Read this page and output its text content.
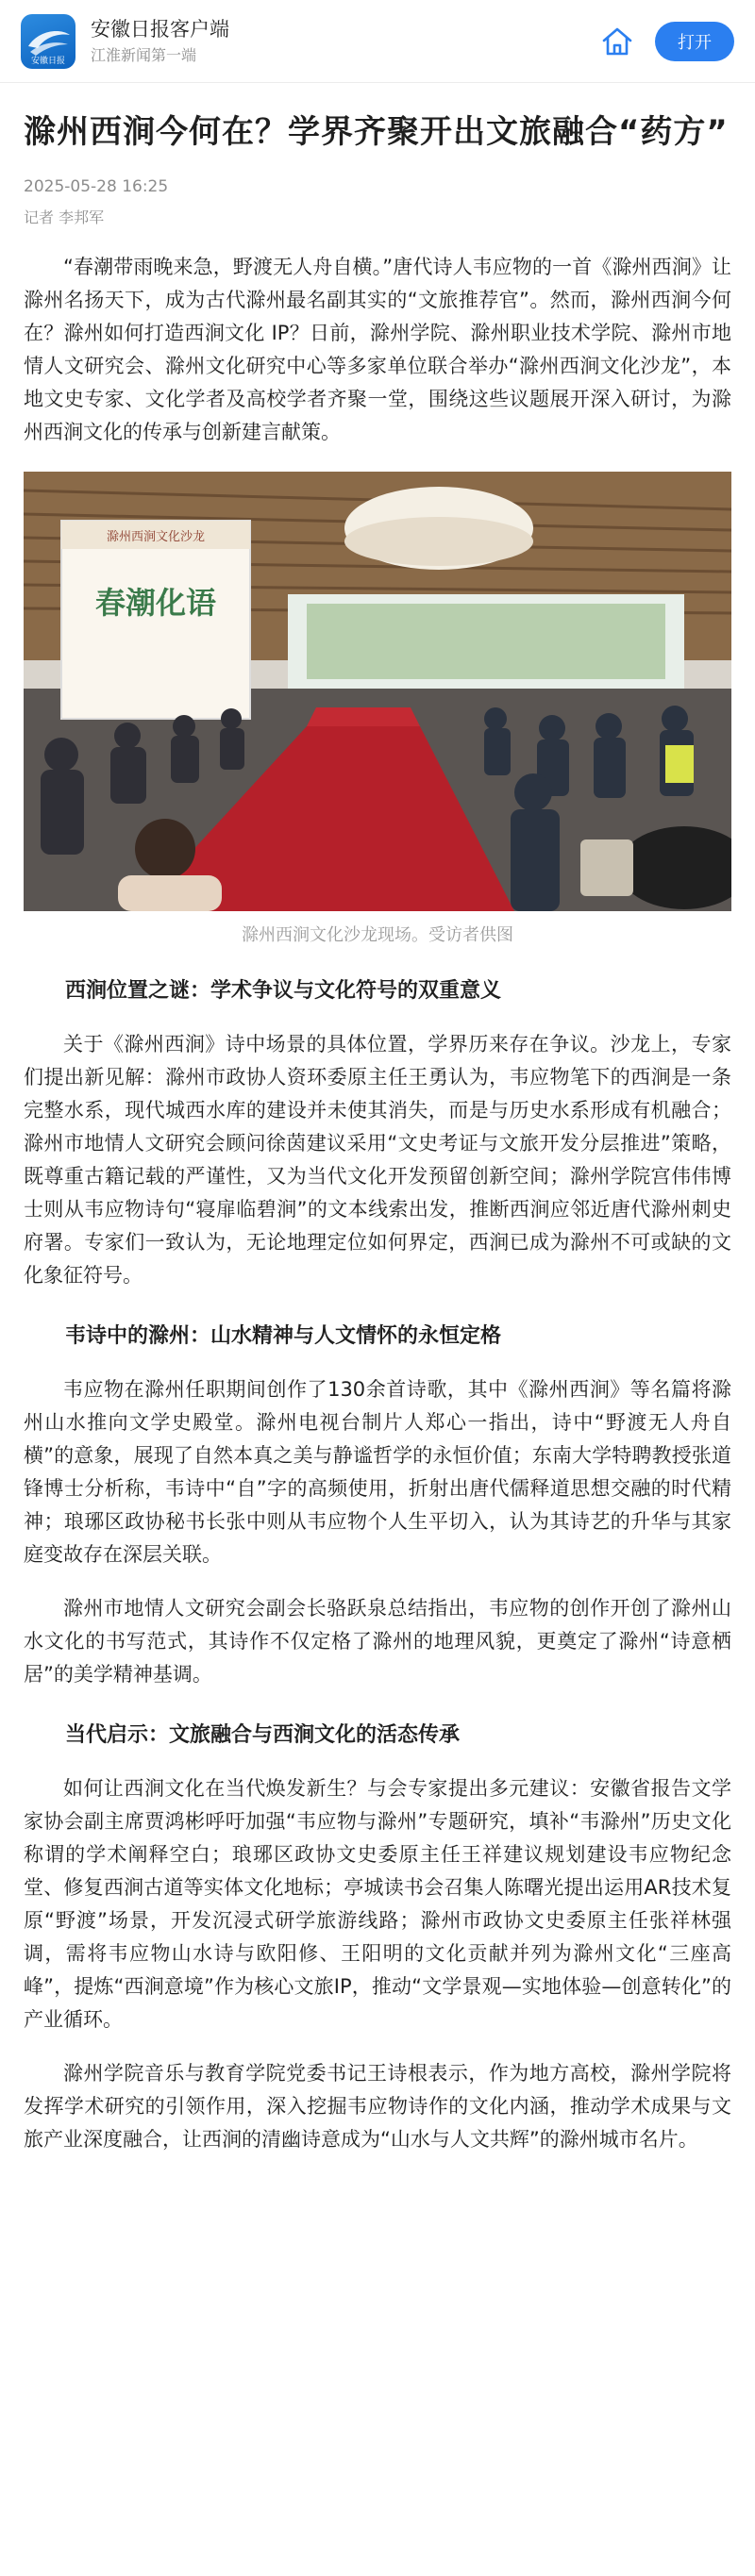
安徽日报
安徽日报客户端
江淮新闻第一端
打开
滁州西涧今何在？学界齐聚开出文旅融合“药方”
2025-05-28 16:25
记者 李邦军

“春潮带雨晚来急，野渡无人舟自横。”唐代诗人韦应物的一首《滁州西涧》让滁州名扬天下，成为古代滁州最名副其实的“文旅推荐官”。然而，滁州西涧今何在？滁州如何打造西涧文化 IP？日前，滁州学院、滁州职业技术学院、滁州市地情人文研究会、滁州文化研究中心等多家单位联合举办“滁州西涧文化沙龙”，本地文史专家、文化学者及高校学者齐聚一堂，围绕这些议题展开深入研讨，为滁州西涧文化的传承与创新建言献策。

滁州西涧文化沙龙
春潮化语
滁州西涧文化沙龙现场。受访者供图
西涧位置之谜：学术争议与文化符号的双重意义

关于《滁州西涧》诗中场景的具体位置，学界历来存在争议。沙龙上，专家们提出新见解：滁州市政协人资环委原主任王勇认为，韦应物笔下的西涧是一条完整水系，现代城西水库的建设并未使其消失，而是与历史水系形成有机融合；滁州市地情人文研究会顾问徐茵建议采用“文史考证与文旅开发分层推进”策略，既尊重古籍记载的严谨性，又为当代文化开发预留创新空间；滁州学院宫伟伟博士则从韦应物诗句“寝扉临碧涧”的文本线索出发，推断西涧应邻近唐代滁州刺史府署。专家们一致认为，无论地理定位如何界定，西涧已成为滁州不可或缺的文化象征符号。

韦诗中的滁州：山水精神与人文情怀的永恒定格

韦应物在滁州任职期间创作了130余首诗歌，其中《滁州西涧》等名篇将滁州山水推向文学史殿堂。滁州电视台制片人郑心一指出，诗中“野渡无人舟自横”的意象，展现了自然本真之美与静谧哲学的永恒价值；东南大学特聘教授张道锋博士分析称，韦诗中“自”字的高频使用，折射出唐代儒释道思想交融的时代精神；琅琊区政协秘书长张中则从韦应物个人生平切入，认为其诗艺的升华与其家庭变故存在深层关联。

滁州市地情人文研究会副会长骆跃泉总结指出，韦应物的创作开创了滁州山水文化的书写范式，其诗作不仅定格了滁州的地理风貌，更奠定了滁州“诗意栖居”的美学精神基调。

当代启示：文旅融合与西涧文化的活态传承

如何让西涧文化在当代焕发新生？与会专家提出多元建议：安徽省报告文学家协会副主席贾鸿彬呼吁加强“韦应物与滁州”专题研究，填补“韦滁州”历史文化称谓的学术阐释空白；琅琊区政协文史委原主任王祥建议规划建设韦应物纪念堂、修复西涧古道等实体文化地标；亭城读书会召集人陈曙光提出运用AR技术复原“野渡”场景，开发沉浸式研学旅游线路；滁州市政协文史委原主任张祥林强调，需将韦应物山水诗与欧阳修、王阳明的文化贡献并列为滁州文化“三座高峰”，提炼“西涧意境”作为核心文旅IP，推动“文学景观—实地体验—创意转化”的产业循环。

滁州学院音乐与教育学院党委书记王诗根表示，作为地方高校，滁州学院将发挥学术研究的引领作用，深入挖掘韦应物诗作的文化内涵，推动学术成果与文旅产业深度融合，让西涧的清幽诗意成为“山水与人文共辉”的滁州城市名片。
